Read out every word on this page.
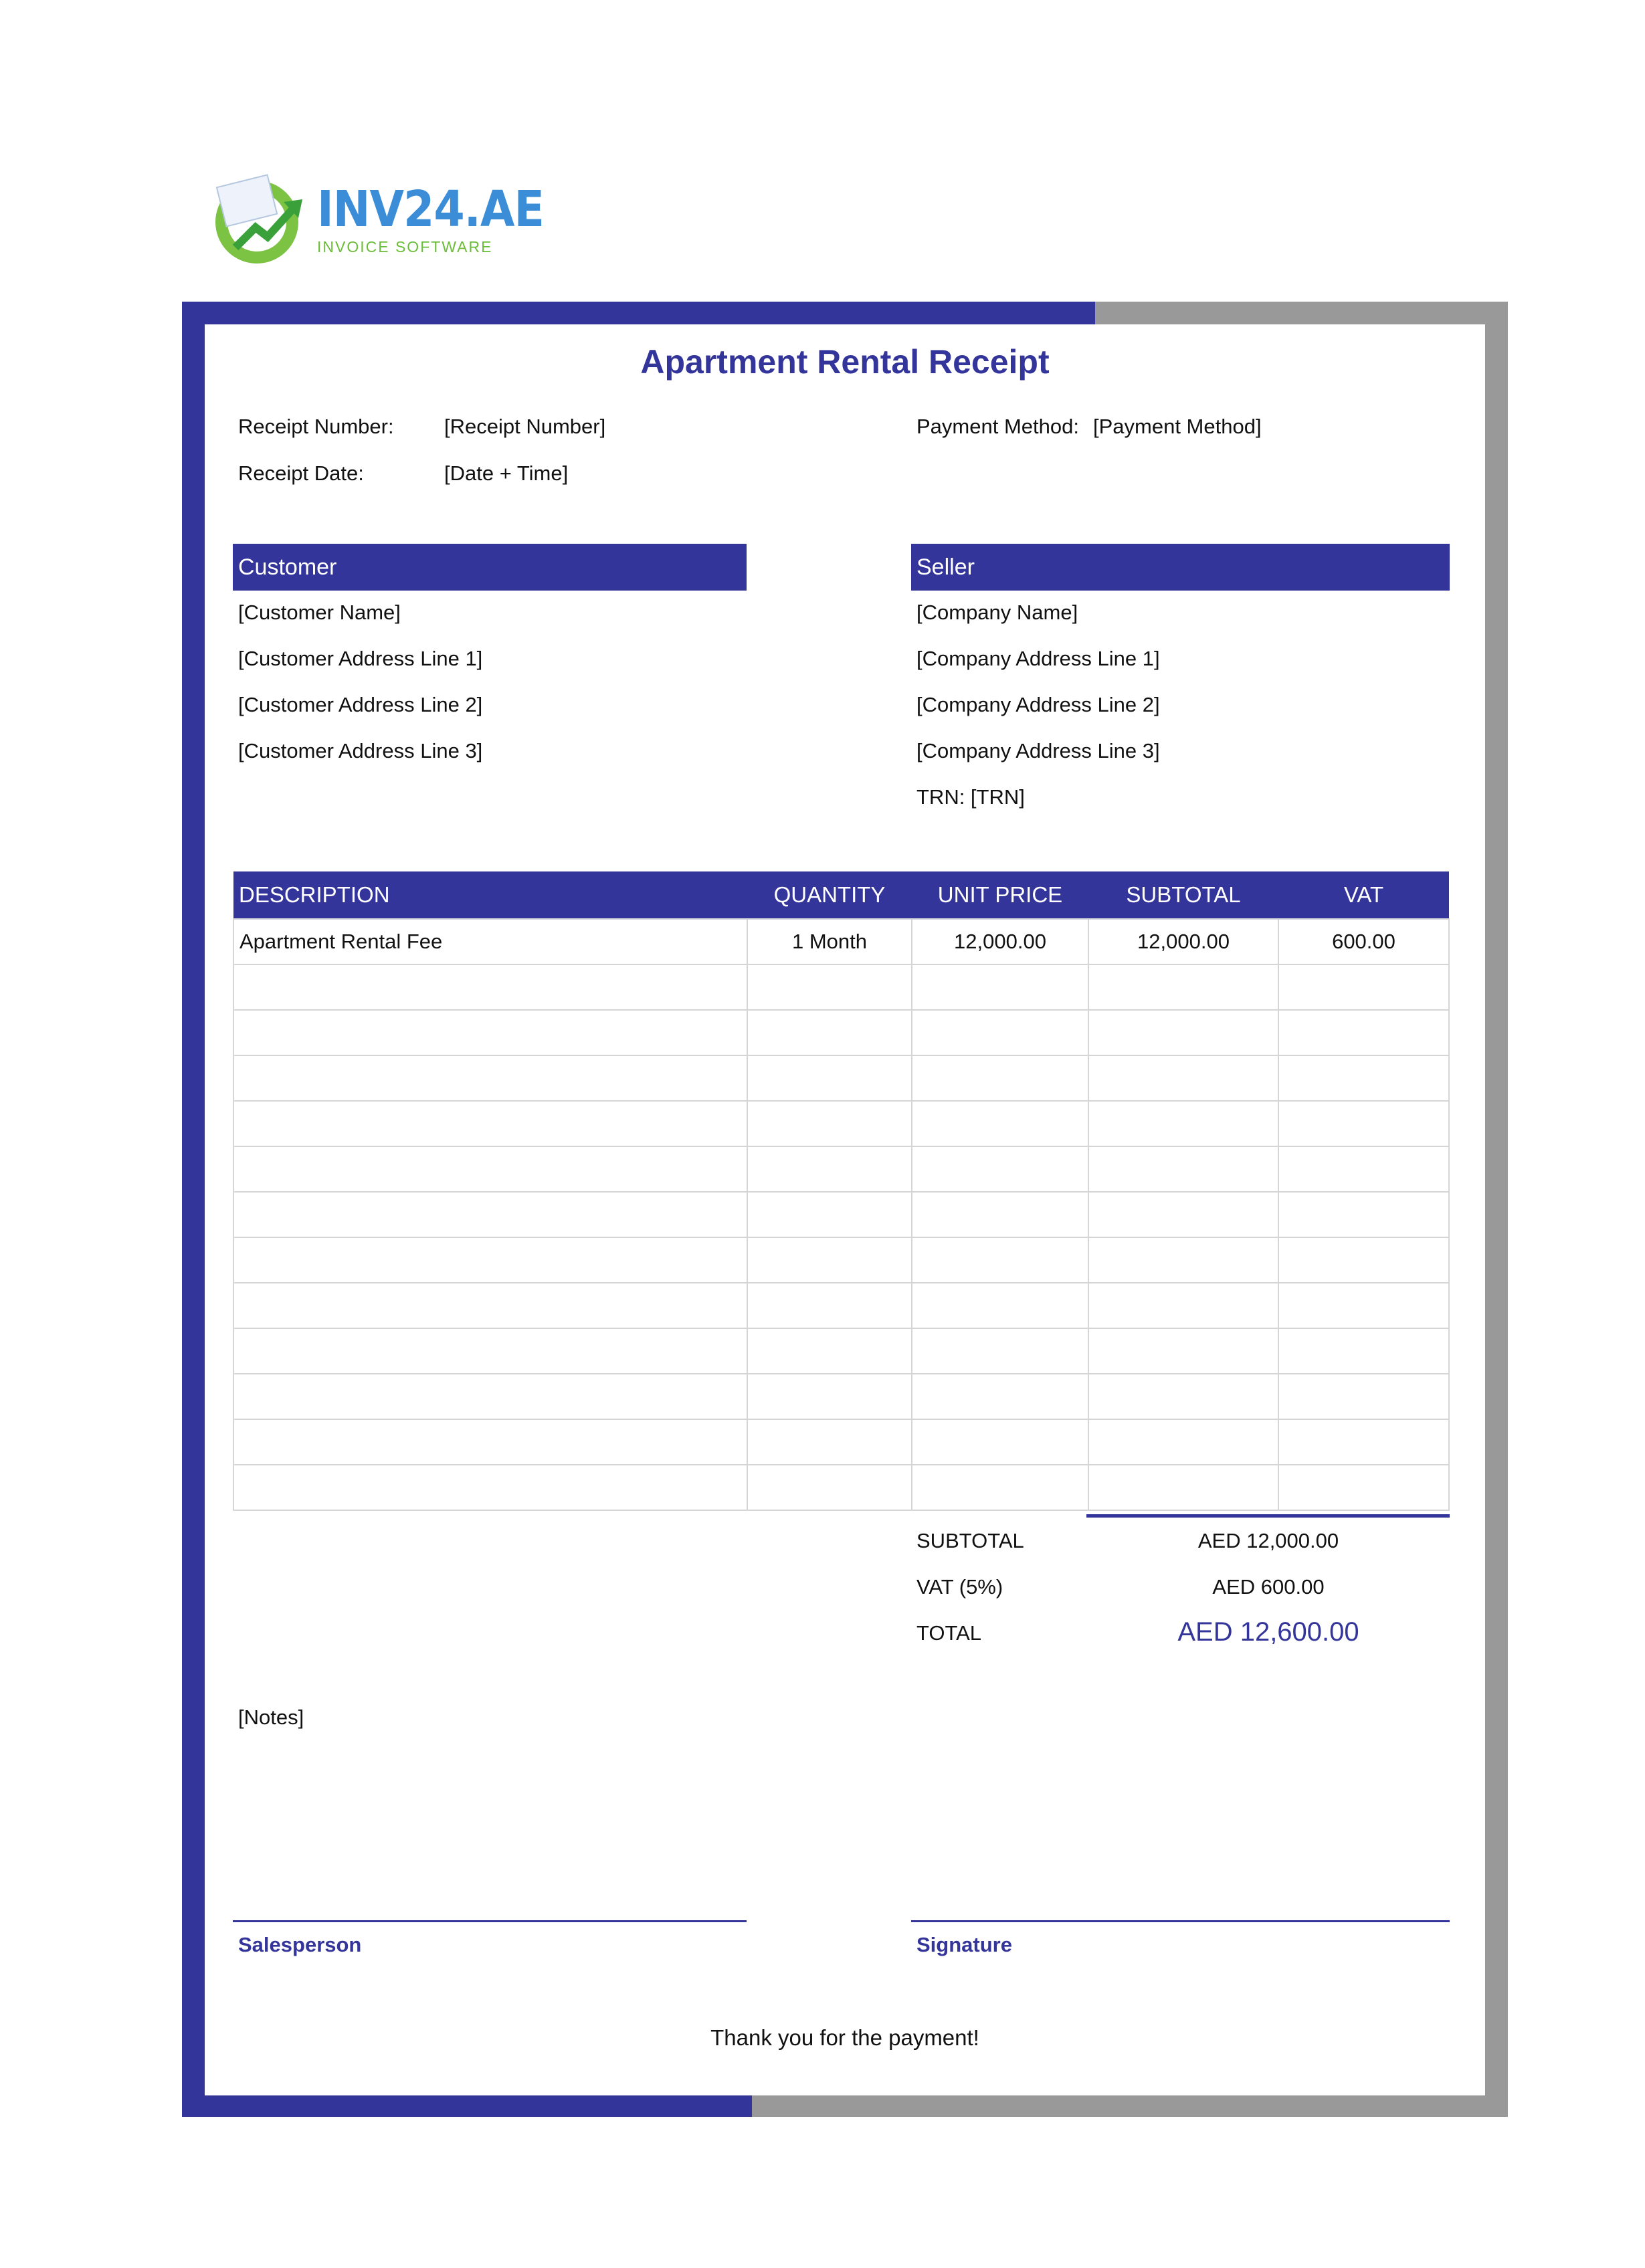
INV24.AE
INVOICE SOFTWARE
Apartment Rental Receipt
Receipt Number: [Receipt Number]
Receipt Date:	[Date + Time]
Payment Method: [Payment Method]
Customer
[Customer Name]
[Customer Address Line 1]
[Customer Address Line 2]
[Customer Address Line 3]
Seller
[Company Name]
[Company Address Line 1]
[Company Address Line 2]
[Company Address Line 3]
TRN: [TRN]
DESCRIPTION	QUANTITY	UNIT PRICE	SUBTOTAL	VAT
Apartment Rental Fee	1 Month	12,000.00	12,000.00	600.00

SUBTOTAL	AED 12,000.00
VAT (5%)	AED 600.00
TOTAL	AED 12,600.00
[Notes]
Salesperson	Signature
Thank you for the payment!
